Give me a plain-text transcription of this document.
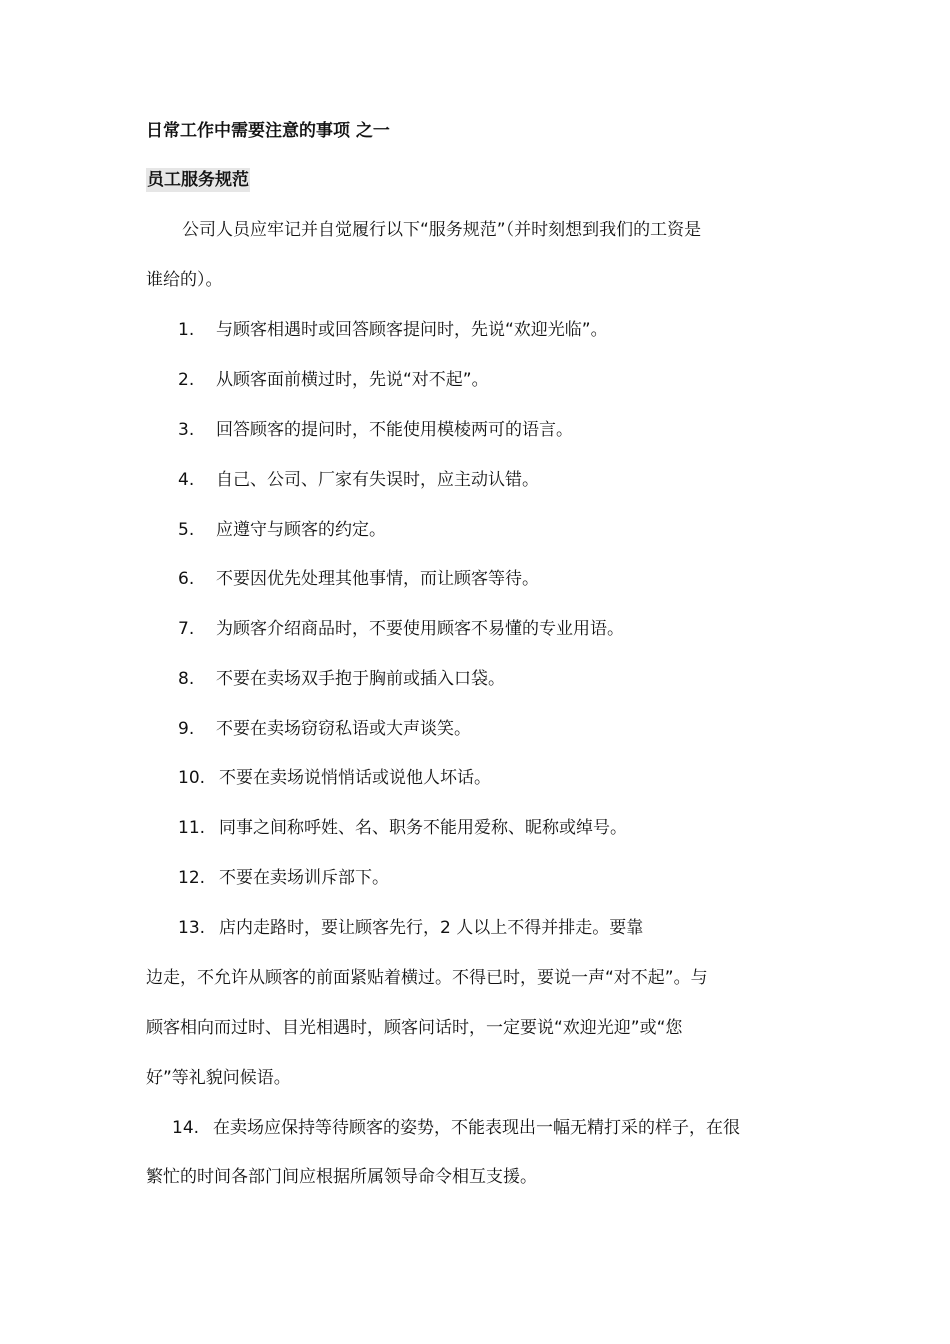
日常工作中需要注意的事项 之一
员工服务规范
公司人员应牢记并自觉履行以下“服务规范”（并时刻想到我们的工资是
谁给的）。
1. 与顾客相遇时或回答顾客提问时，先说“欢迎光临”。
2. 从顾客面前横过时，先说“对不起”。
3. 回答顾客的提问时，不能使用模棱两可的语言。
4. 自己、公司、厂家有失误时，应主动认错。
5. 应遵守与顾客的约定。
6. 不要因优先处理其他事情，而让顾客等待。
7. 为顾客介绍商品时，不要使用顾客不易懂的专业用语。
8. 不要在卖场双手抱于胸前或插入口袋。
9. 不要在卖场窃窃私语或大声谈笑。
10. 不要在卖场说悄悄话或说他人坏话。
11. 同事之间称呼姓、名、职务不能用爱称、昵称或绰号。
12. 不要在卖场训斥部下。
13. 店内走路时，要让顾客先行，2 人以上不得并排走。要靠
边走，不允许从顾客的前面紧贴着横过。不得已时，要说一声“对不起”。与
顾客相向而过时、目光相遇时，顾客问话时，一定要说“欢迎光迎”或“您
好”等礼貌问候语。
14. 在卖场应保持等待顾客的姿势，不能表现出一幅无精打采的样子，在很
繁忙的时间各部门间应根据所属领导命令相互支援。
